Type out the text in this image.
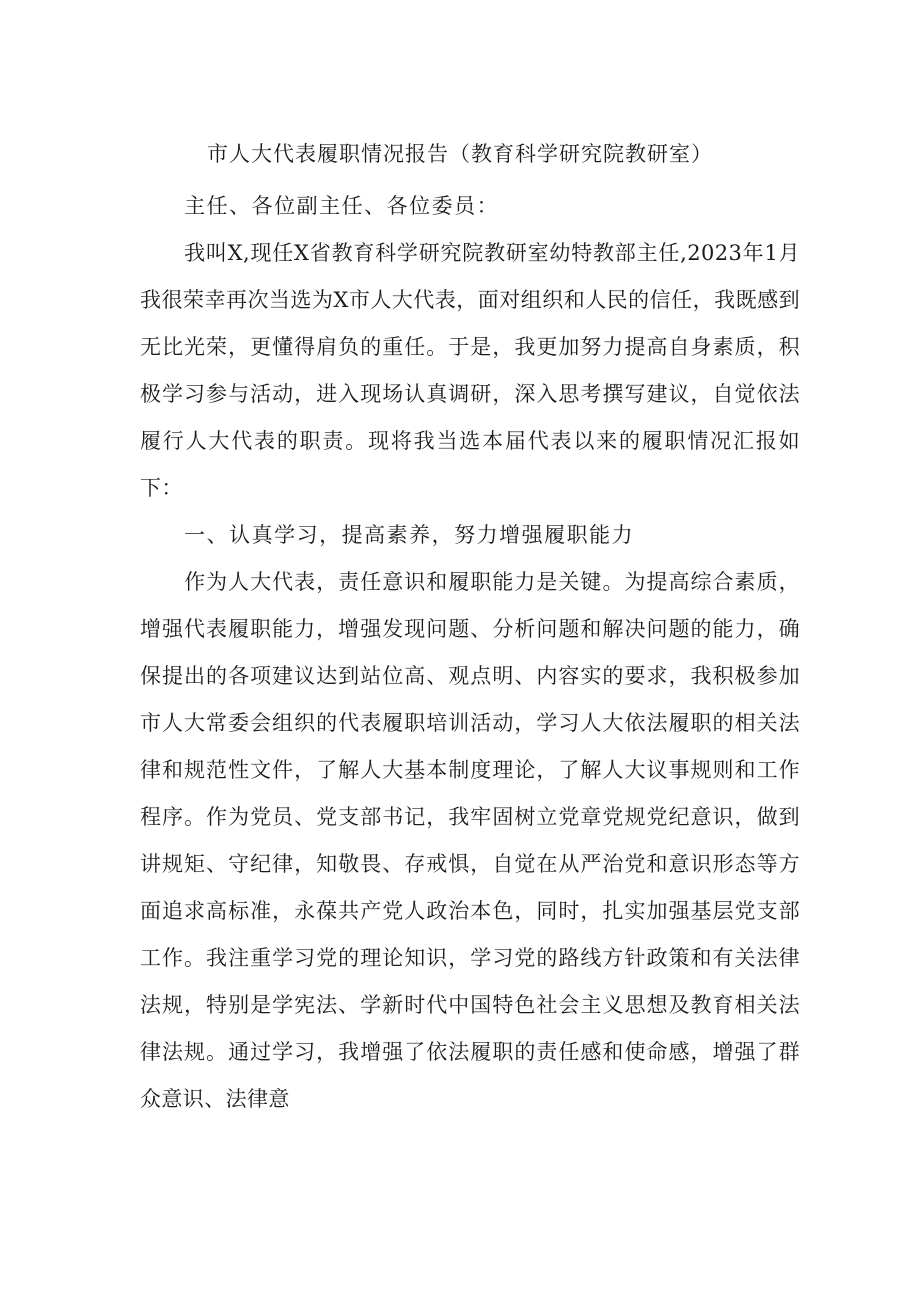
市人大代表履职情况报告（教育科学研究院教研室）

主任、各位副主任、各位委员：

我叫X,现任X省教育科学研究院教研室幼特教部主任,2023年1月我很荣幸再次当选为X市人大代表，面对组织和人民的信任，我既感到无比光荣，更懂得肩负的重任。于是，我更加努力提高自身素质，积极学习参与活动，进入现场认真调研，深入思考撰写建议，自觉依法履行人大代表的职责。现将我当选本届代表以来的履职情况汇报如下：

一、认真学习，提高素养，努力增强履职能力

作为人大代表，责任意识和履职能力是关键。为提高综合素质，增强代表履职能力，增强发现问题、分析问题和解决问题的能力，确保提出的各项建议达到站位高、观点明、内容实的要求，我积极参加市人大常委会组织的代表履职培训活动，学习人大依法履职的相关法律和规范性文件，了解人大基本制度理论，了解人大议事规则和工作程序。作为党员、党支部书记，我牢固树立党章党规党纪意识，做到讲规矩、守纪律，知敬畏、存戒惧，自觉在从严治党和意识形态等方面追求高标准，永葆共产党人政治本色，同时，扎实加强基层党支部工作。我注重学习党的理论知识，学习党的路线方针政策和有关法律法规，特别是学宪法、学新时代中国特色社会主义思想及教育相关法律法规。通过学习，我增强了依法履职的责任感和使命感，增强了群众意识、法律意
